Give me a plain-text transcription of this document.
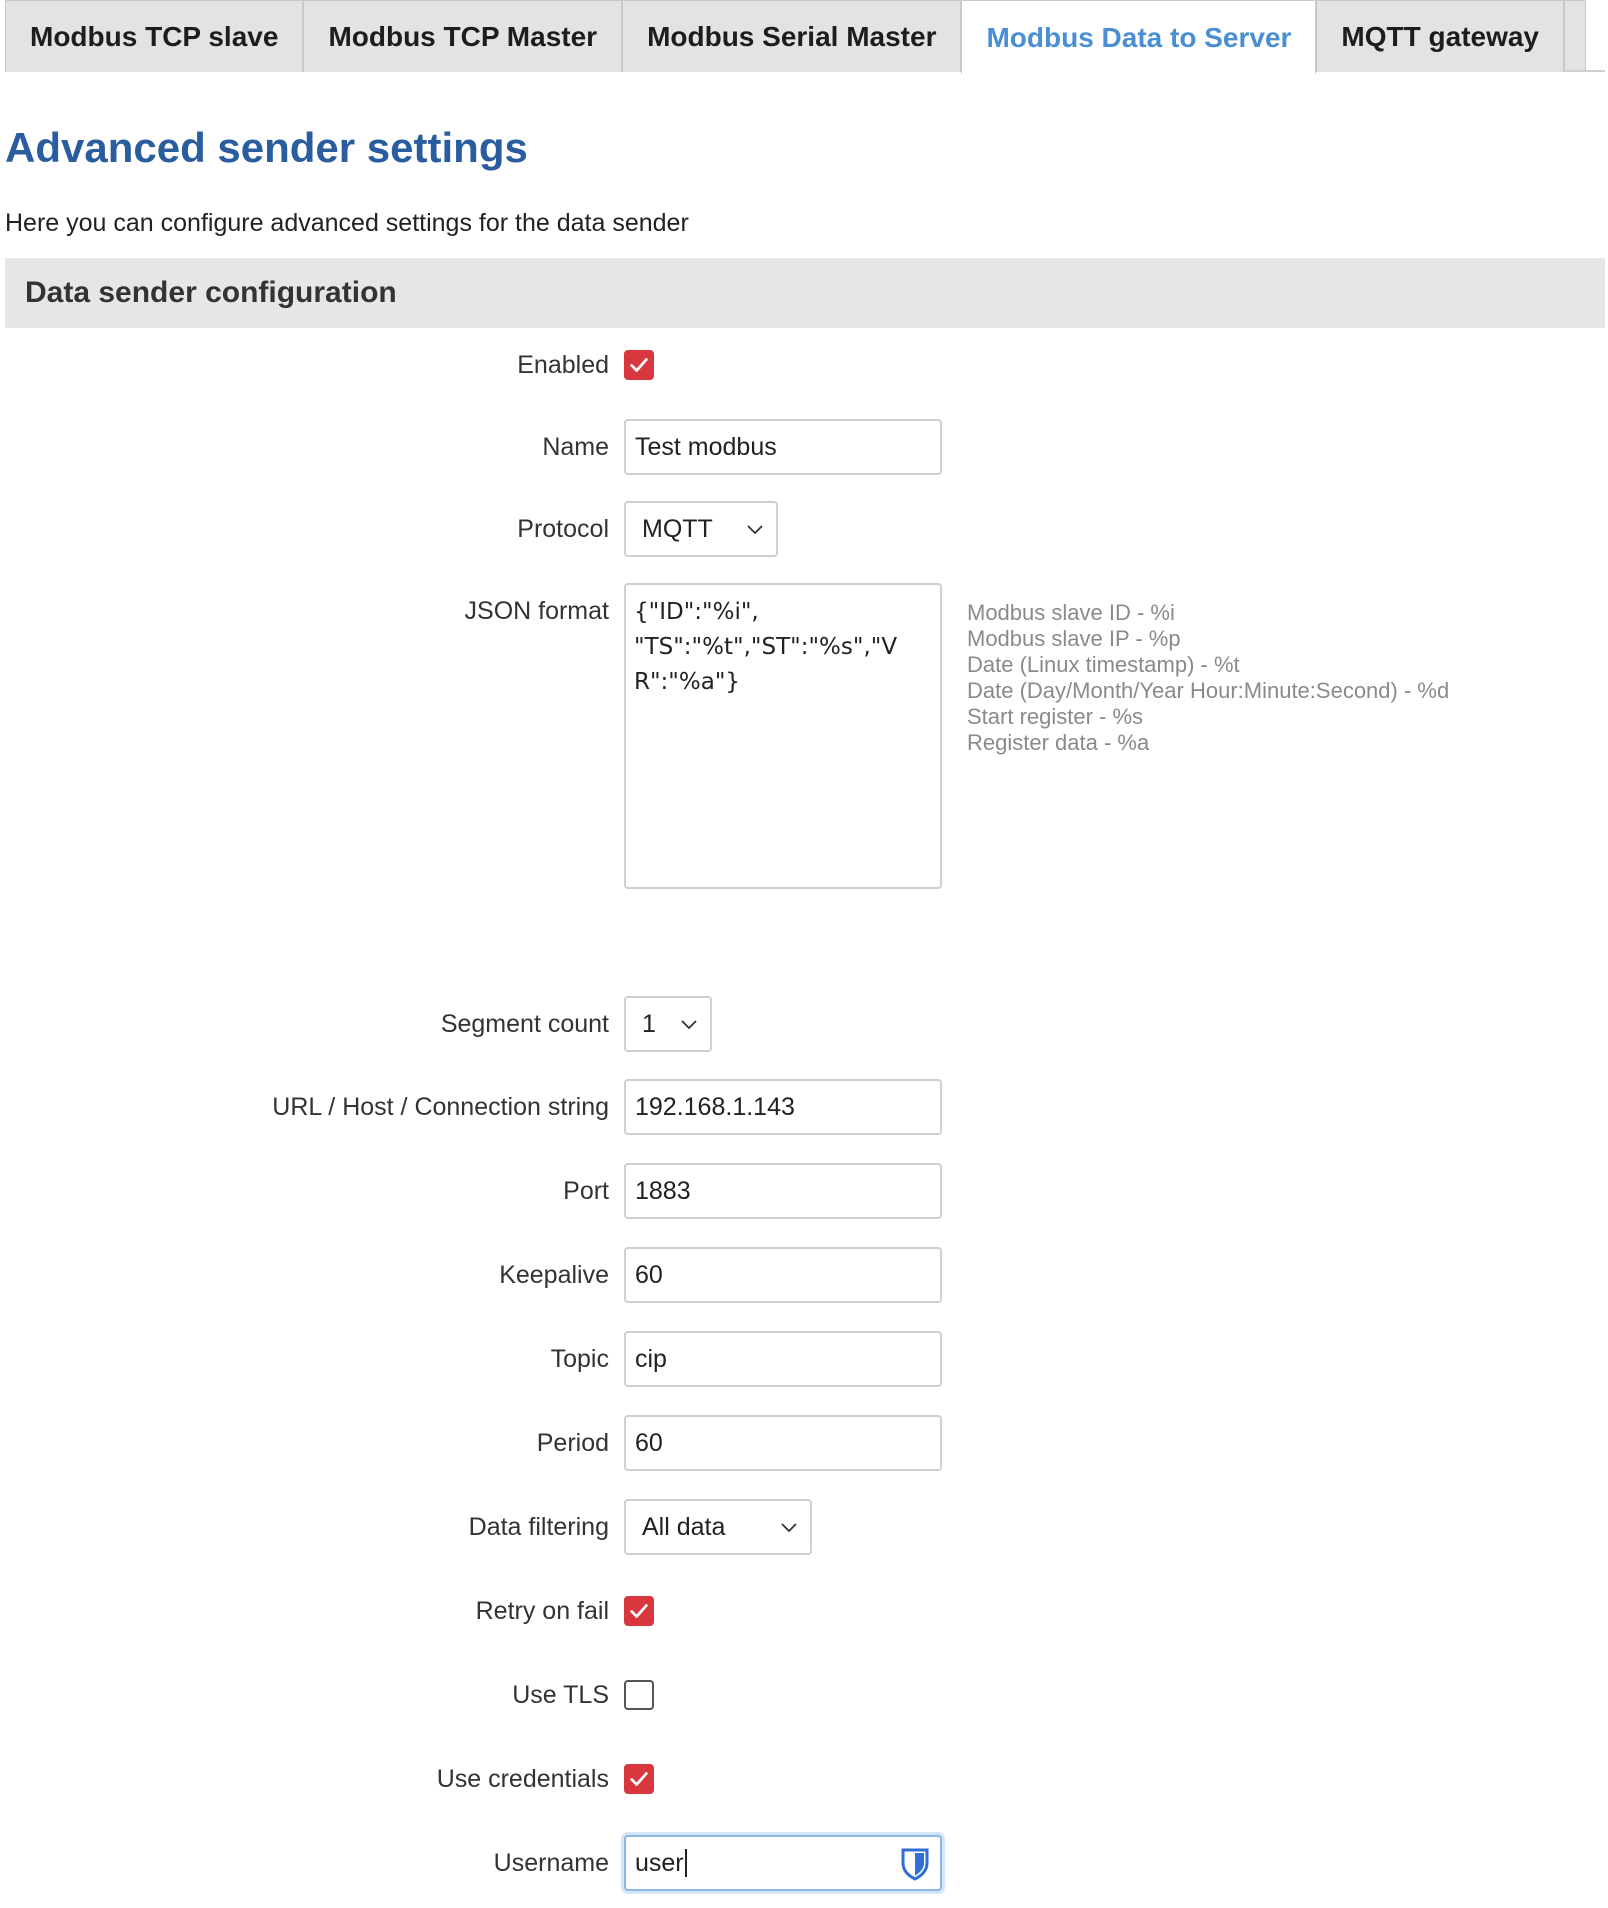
Modbus TCP slave	Modbus TCP Master	Modbus Serial Master	Modbus Data to Server	MQTT gateway
Advanced sender settings
Here you can configure advanced settings for the data sender
Data sender configuration
Enabled
Name	Test modbus
Protocol MQTT
JSON format	{"ID":"%i",
"TS":"%t","ST":"%s","VR":"%a"}
Modbus slave ID - %i
Modbus slave IP - %p
Date (Linux timestamp) - %t
Date (Day/Month/Year Hour:Minute:Second) - %d
Start register - %s
Register data - %a
Segment count 1
URL / Host / Connection string	192.168.1.143
Port	1883
Keepalive	60
Topic	cip
Period	60
Data filtering All data
Retry on fail
Use TLS
Use credentials
Username user
